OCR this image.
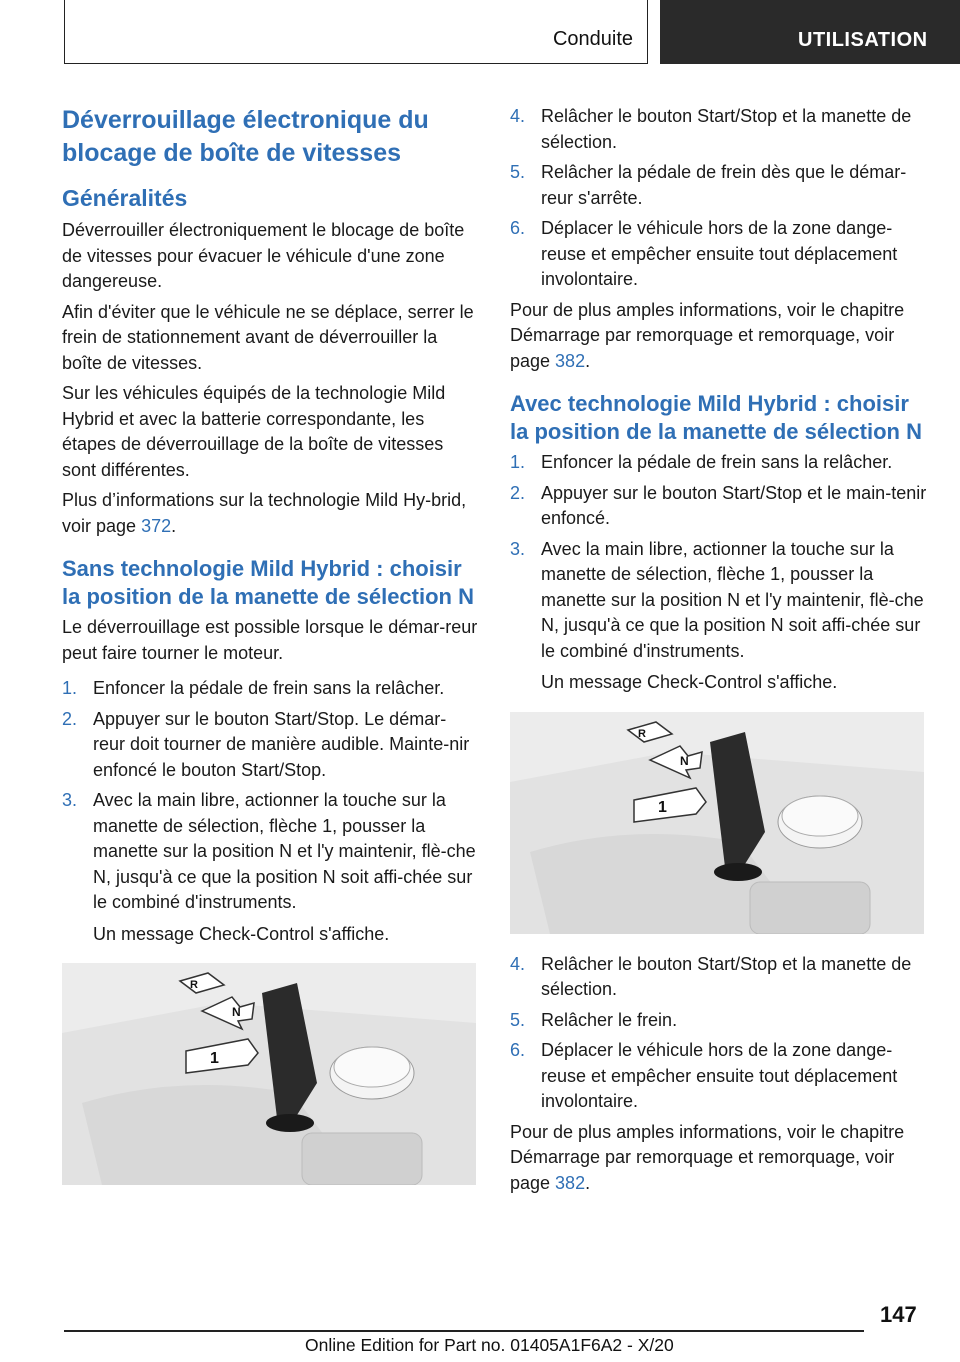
Conduite	UTILISATION
Déverrouillage électronique du blocage de boîte de vitesses
Généralités

Déverrouiller électroniquement le blocage de boîte de vitesses pour évacuer le véhicule d'une zone dangereuse.

Afin d'éviter que le véhicule ne se déplace, serrer le frein de stationnement avant de déverrouiller la boîte de vitesses.

Sur les véhicules équipés de la technologie Mild Hybrid et avec la batterie correspondante, les étapes de déverrouillage de la boîte de vitesses sont différentes.

Plus d’informations sur la technologie Mild Hy-brid, voir page 372.

Sans technologie Mild Hybrid : choisir la position de la manette de sélection N

Le déverrouillage est possible lorsque le démar-reur peut faire tourner le moteur.

1. Enfoncer la pédale de frein sans la relâcher.
2. Appuyer sur le bouton Start/Stop. Le démar-reur doit tourner de manière audible. Mainte-nir enfoncé le bouton Start/Stop.
3. Avec la main libre, actionner la touche sur la manette de sélection, flèche 1, pousser la manette sur la position N et l'y maintenir, flè-che N, jusqu'à ce que la position N soit affi-chée sur le combiné d'instruments.
Un message Check-Control s'affiche.
R
N
1
4. Relâcher le bouton Start/Stop et la manette de sélection.
5. Relâcher la pédale de frein dès que le démar-reur s'arrête.
6. Déplacer le véhicule hors de la zone dange-reuse et empêcher ensuite tout déplacement involontaire.

Pour de plus amples informations, voir le chapitre Démarrage par remorquage et remorquage, voir page 382.

Avec technologie Mild Hybrid : choisir la position de la manette de sélection N
1. Enfoncer la pédale de frein sans la relâcher.
2. Appuyer sur le bouton Start/Stop et le main-tenir enfoncé.
3. Avec la main libre, actionner la touche sur la manette de sélection, flèche 1, pousser la manette sur la position N et l'y maintenir, flè-che N, jusqu'à ce que la position N soit affi-chée sur le combiné d'instruments.
Un message Check-Control s'affiche.
R
N
1
4. Relâcher le bouton Start/Stop et la manette de sélection.
5. Relâcher le frein.
6. Déplacer le véhicule hors de la zone dange-reuse et empêcher ensuite tout déplacement involontaire.

Pour de plus amples informations, voir le chapitre Démarrage par remorquage et remorquage, voir page 382.

147
Online Edition for Part no. 01405A1F6A2 - X/20
